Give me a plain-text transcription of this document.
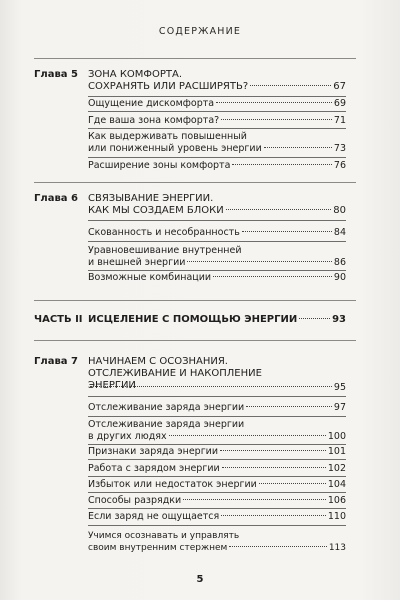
СОДЕРЖАНИЕ
Глава 5 ЗОНА КОМФОРТА.
СОХРАНЯТЬ ИЛИ РАСШИРЯТЬ?	67
Ощущение дискомфорта	69
Где ваша зона комфорта?	71
Как выдерживать повышенный
или пониженный уровень энергии	73
Расширение зоны комфорта	76
Глава 6 СВЯЗЫВАНИЕ ЭНЕРГИИ.
КАК МЫ СОЗДАЕМ БЛОКИ	80
Скованность и несобранность	84
Уравновешивание внутренней
и внешней энергии	86
Возможные комбинации	90
ЧАСТЬ II ИСЦЕЛЕНИЕ С ПОМОЩЬЮ ЭНЕРГИИ	93
Глава 7 НАЧИНАЕМ С ОСОЗНАНИЯ.
ОТСЛЕЖИВАНИЕ И НАКОПЛЕНИЕ
ЭНЕРГИИ	95
Отслеживание заряда энергии	97
Отслеживание заряда энергии
в других людях	100
Признаки заряда энергии	101
Работа с зарядом энергии	102
Избыток или недостаток энергии	104
Способы разрядки	106
Если заряд не ощущается	110
Учимся осознавать и управлять
своим внутренним стержнем	113
5
